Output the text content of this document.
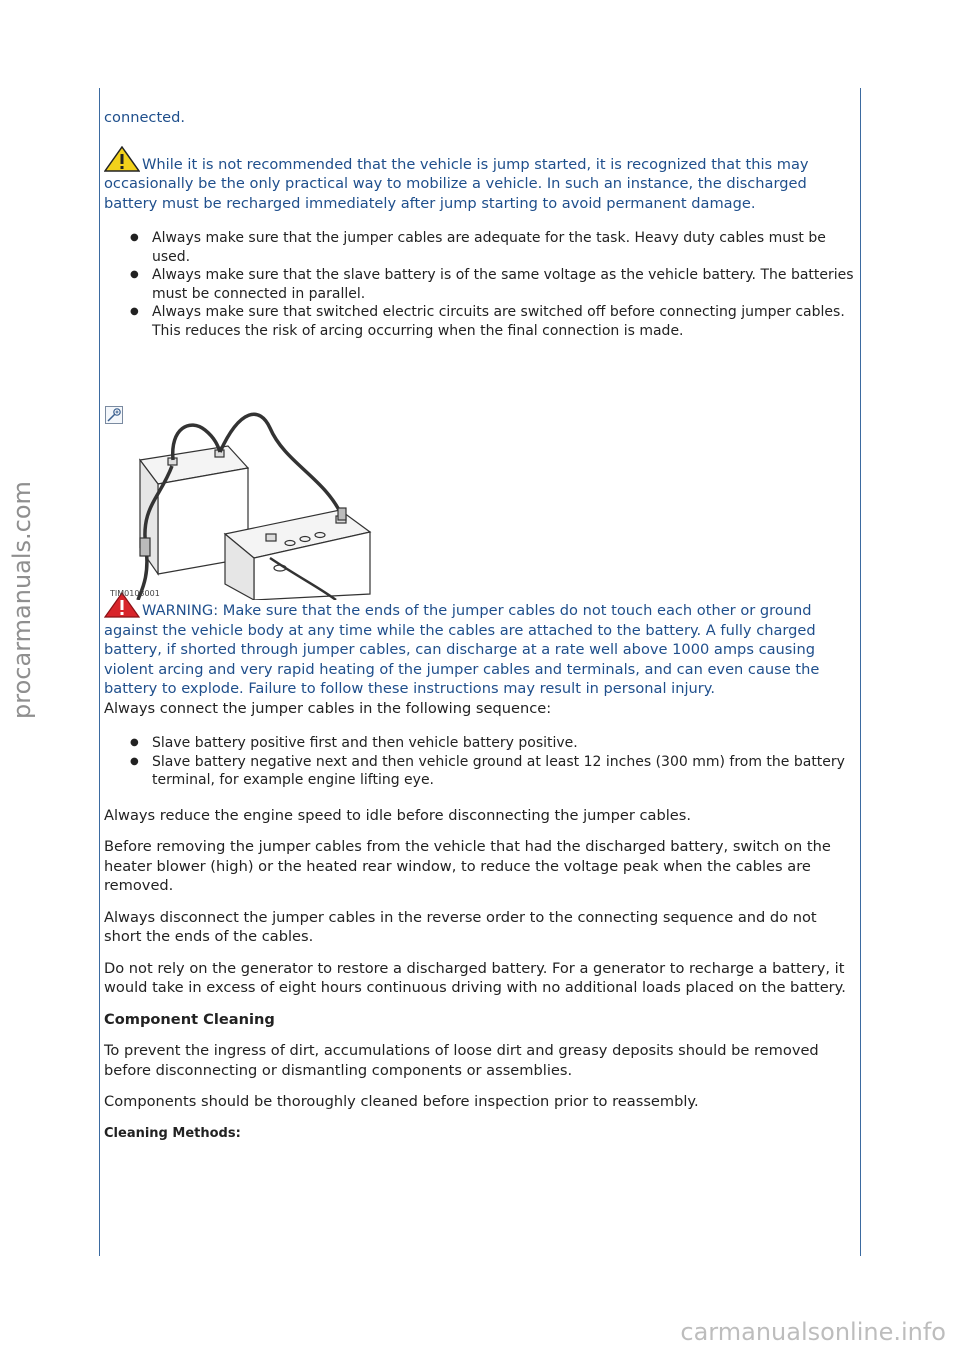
procarmanuals.com

connected.

While it is not recommended that the vehicle is jump started, it is recognized that this may occasionally be the only practical way to mobilize a vehicle. In such an instance, the discharged battery must be recharged immediately after jump starting to avoid permanent damage.

● Always make sure that the jumper cables are adequate for the task. Heavy duty cables must be used.
● Always make sure that the slave battery is of the same voltage as the vehicle battery. The batteries must be connected in parallel.
● Always make sure that switched electric circuits are switched off before connecting jumper cables. This reduces the risk of arcing occurring when the final connection is made.

WARNING: Make sure that the ends of the jumper cables do not touch each other or ground against the vehicle body at any time while the cables are attached to the battery. A fully charged battery, if shorted through jumper cables, can discharge at a rate well above 1000 amps causing violent arcing and very rapid heating of the jumper cables and terminals, and can even cause the battery to explode. Failure to follow these instructions may result in personal injury.

Always connect the jumper cables in the following sequence:

● Slave battery positive first and then vehicle battery positive.
● Slave battery negative next and then vehicle ground at least 12 inches (300 mm) from the battery terminal, for example engine lifting eye.

Always reduce the engine speed to idle before disconnecting the jumper cables.

Before removing the jumper cables from the vehicle that had the discharged battery, switch on the heater blower (high) or the heated rear window, to reduce the voltage peak when the cables are removed.

Always disconnect the jumper cables in the reverse order to the connecting sequence and do not short the ends of the cables.

Do not rely on the generator to restore a discharged battery. For a generator to recharge a battery, it would take in excess of eight hours continuous driving with no additional loads placed on the battery.

Component Cleaning

To prevent the ingress of dirt, accumulations of loose dirt and greasy deposits should be removed before disconnecting or dismantling components or assemblies.

Components should be thoroughly cleaned before inspection prior to reassembly.

Cleaning Methods:

TIM0103001
carmanualsonline.info
